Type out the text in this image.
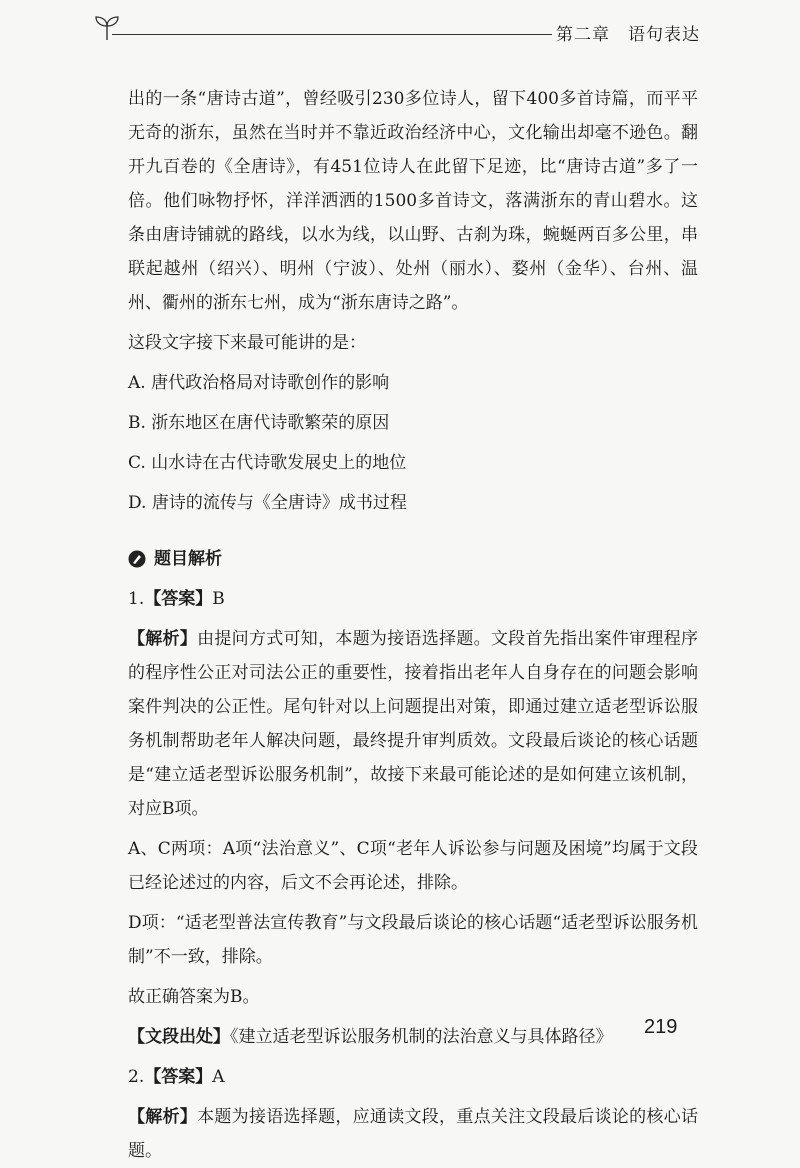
第二章 语句表达

出的一条“唐诗古道”，曾经吸引230多位诗人，留下400多首诗篇，而平平无奇的浙东，虽然在当时并不靠近政治经济中心，文化输出却毫不逊色。翻开九百卷的《全唐诗》，有451位诗人在此留下足迹，比“唐诗古道”多了一倍。他们咏物抒怀，洋洋洒洒的1500多首诗文，落满浙东的青山碧水。这条由唐诗铺就的路线，以水为线，以山野、古刹为珠，蜿蜒两百多公里，串联起越州（绍兴）、明州（宁波）、处州（丽水）、婺州（金华）、台州、温州、衢州的浙东七州，成为“浙东唐诗之路”。

这段文字接下来最可能讲的是：

A. 唐代政治格局对诗歌创作的影响

B. 浙东地区在唐代诗歌繁荣的原因

C. 山水诗在古代诗歌发展史上的地位

D. 唐诗的流传与《全唐诗》成书过程

题目解析

1.【答案】B

【解析】由提问方式可知，本题为接语选择题。文段首先指出案件审理程序的程序性公正对司法公正的重要性，接着指出老年人自身存在的问题会影响案件判决的公正性。尾句针对以上问题提出对策，即通过建立适老型诉讼服务机制帮助老年人解决问题，最终提升审判质效。文段最后谈论的核心话题是“建立适老型诉讼服务机制”，故接下来最可能论述的是如何建立该机制，对应B项。

A、C两项：A项“法治意义”、C项“老年人诉讼参与问题及困境”均属于文段已经论述过的内容，后文不会再论述，排除。

D项：“适老型普法宣传教育”与文段最后谈论的核心话题“适老型诉讼服务机制”不一致，排除。

故正确答案为B。

【文段出处】《建立适老型诉讼服务机制的法治意义与具体路径》

2.【答案】A

【解析】本题为接语选择题，应通读文段，重点关注文段最后谈论的核心话题。

219
